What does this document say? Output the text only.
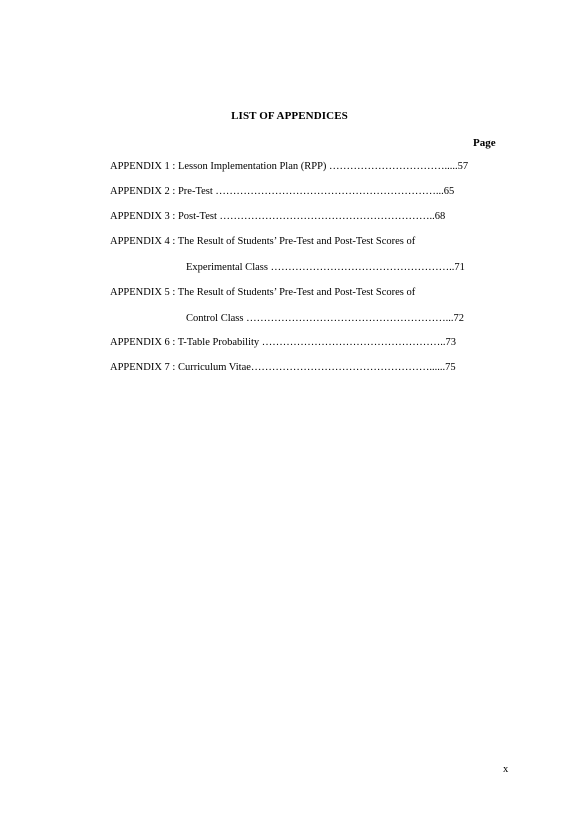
LIST OF APPENDICES
Page
APPENDIX 1 : Lesson Implementation Plan (RPP) …………………………….....57
APPENDIX 2 : Pre-Test ………………………………………………………...65
APPENDIX 3 : Post-Test ……………………………………………………..68
APPENDIX 4 : The Result of Students’ Pre-Test and Post-Test Scores of
Experimental Class ……………………………………………..71
APPENDIX 5 : The Result of Students’ Pre-Test and Post-Test Scores of
Control Class …………………………………………………...72
APPENDIX 6 : T-Table Probability ……………………………………………..73
APPENDIX 7 : Curriculum Vitae……………………………………………......75
x
